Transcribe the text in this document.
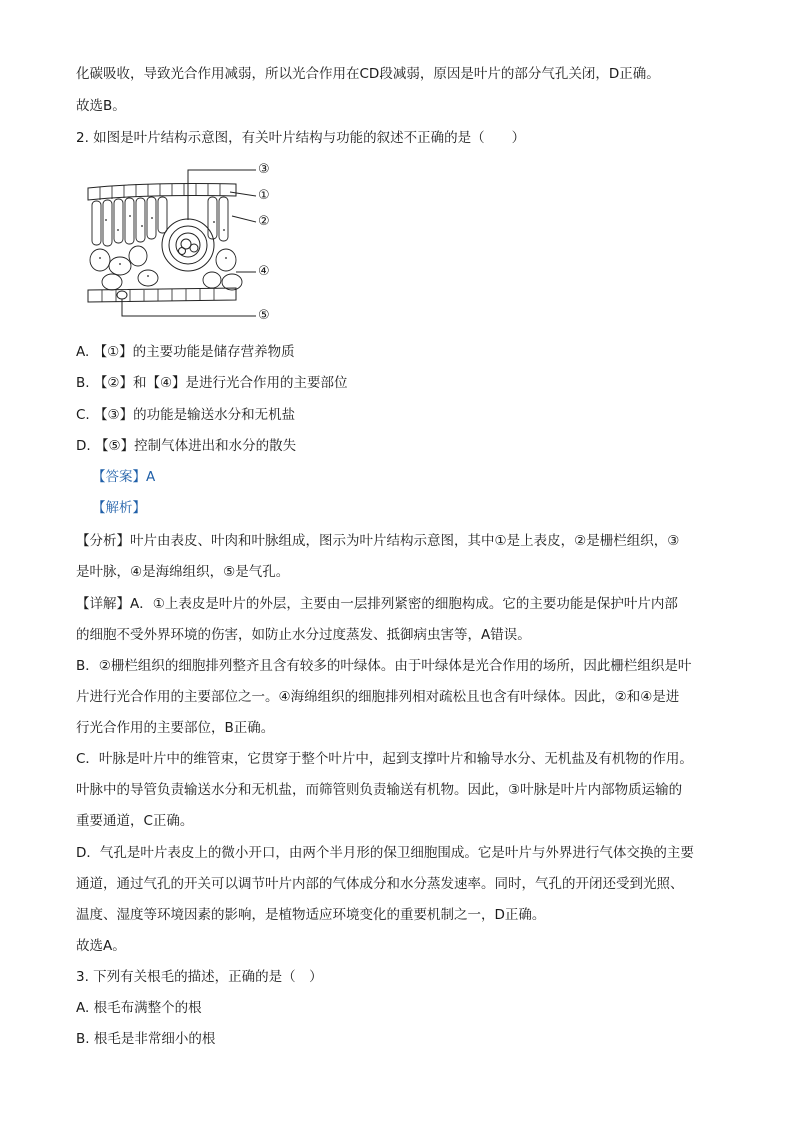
化碳吸收，导致光合作用减弱，所以光合作用在CD段减弱，原因是叶片的部分气孔关闭，D正确。
故选B。
2. 如图是叶片结构示意图，有关叶片结构与功能的叙述不正确的是（　　）
③
①
②
④
⑤
A. 【①】的主要功能是储存营养物质
B. 【②】和【④】是进行光合作用的主要部位
C. 【③】的功能是输送水分和无机盐
D. 【⑤】控制气体进出和水分的散失
【答案】A
【解析】
【分析】叶片由表皮、叶肉和叶脉组成，图示为叶片结构示意图，其中①是上表皮，②是栅栏组织，③
是叶脉，④是海绵组织，⑤是气孔。
【详解】A．①上表皮是叶片的外层，主要由一层排列紧密的细胞构成。它的主要功能是保护叶片内部
的细胞不受外界环境的伤害，如防止水分过度蒸发、抵御病虫害等，A错误。
B．②栅栏组织的细胞排列整齐且含有较多的叶绿体。由于叶绿体是光合作用的场所，因此栅栏组织是叶
片进行光合作用的主要部位之一。④海绵组织的细胞排列相对疏松且也含有叶绿体。因此，②和④是进
行光合作用的主要部位，B正确。
C．叶脉是叶片中的维管束，它贯穿于整个叶片中，起到支撑叶片和输导水分、无机盐及有机物的作用。
叶脉中的导管负责输送水分和无机盐，而筛管则负责输送有机物。因此，③叶脉是叶片内部物质运输的
重要通道，C正确。
D．气孔是叶片表皮上的微小开口，由两个半月形的保卫细胞围成。它是叶片与外界进行气体交换的主要
通道，通过气孔的开关可以调节叶片内部的气体成分和水分蒸发速率。同时，气孔的开闭还受到光照、
温度、湿度等环境因素的影响，是植物适应环境变化的重要机制之一，D正确。
故选A。
3. 下列有关根毛的描述，正确的是（　）
A. 根毛布满整个的根
B. 根毛是非常细小的根
